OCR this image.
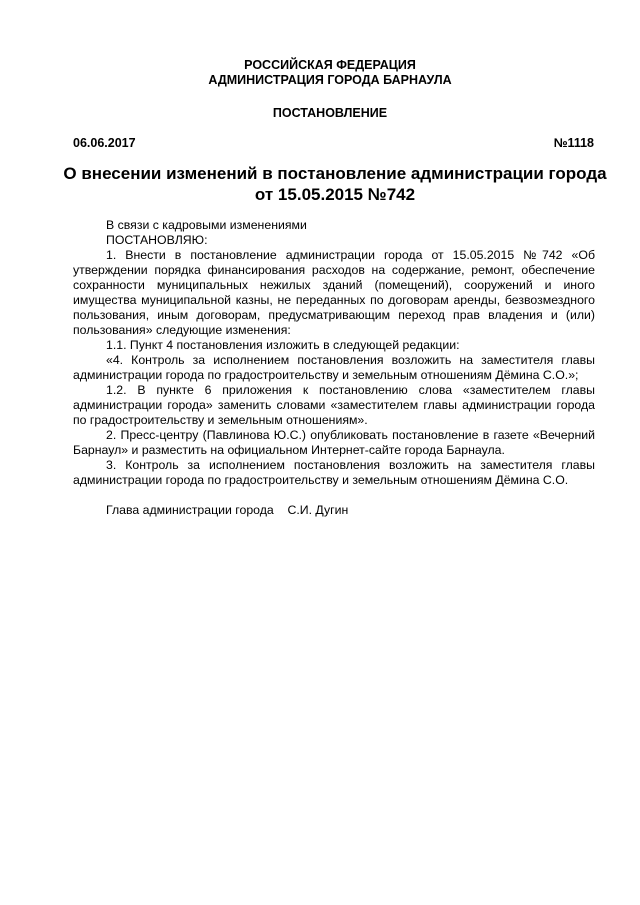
РОССИЙСКАЯ ФЕДЕРАЦИЯ
АДМИНИСТРАЦИЯ ГОРОДА БАРНАУЛА
ПОСТАНОВЛЕНИЕ
06.06.2017	№1118
О внесении изменений в постановление администрации города от 15.05.2015 №742

В связи с кадровыми изменениями

ПОСТАНОВЛЯЮ:

1. Внести в постановление администрации города от 15.05.2015 №742 «Об утверждении порядка финансирования расходов на содержание, ремонт, обеспечение сохранности муниципальных нежилых зданий (помещений), сооружений и иного имущества муниципальной казны, не переданных по договорам аренды, безвозмездного пользования, иным договорам, предусматривающим переход прав владения и (или) пользования» следующие изменения:

1.1. Пункт 4 постановления изложить в следующей редакции:

«4. Контроль за исполнением постановления возложить на заместителя главы администрации города по градостроительству и земельным отношениям Дёмина С.О.»;

1.2. В пункте 6 приложения к постановлению слова «заместителем главы администрации города» заменить словами «заместителем главы администрации города по градостроительству и земельным отношениям».

2. Пресс-центру (Павлинова Ю.С.) опубликовать постановление в газете «Вечерний Барнаул» и разместить на официальном Интернет-сайте города Барнаула.

3. Контроль за исполнением постановления возложить на заместителя главы администрации города по градостроительству и земельным отношениям Дёмина С.О.

Глава администрации города С.И. Дугин
